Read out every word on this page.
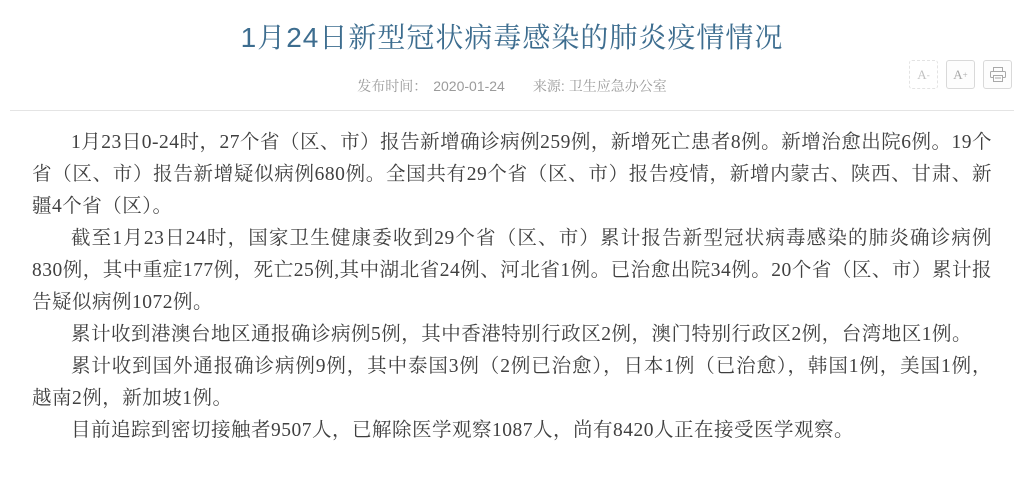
1月24日新型冠状病毒感染的肺炎疫情情况
发布时间： 2020-01-24 来源: 卫生应急办公室
A - A +

1月23日0-24时，27个省（区、市）报告新增确诊病例259例，新增死亡患者8例。新增治愈出院6例。19个省（区、市）报告新增疑似病例680例。全国共有29个省（区、市）报告疫情，新增内蒙古、陕西、甘肃、新疆4个省（区）。

截至1月23日24时，国家卫生健康委收到29个省（区、市）累计报告新型冠状病毒感染的肺炎确诊病例830例，其中重症177例，死亡25例,其中湖北省24例、河北省1例。已治愈出院34例。20个省（区、市）累计报告疑似病例1072例。

累计收到港澳台地区通报确诊病例5例，其中香港特别行政区2例，澳门特别行政区2例，台湾地区1例。

累计收到国外通报确诊病例9例，其中泰国3例（2例已治愈），日本1例（已治愈），韩国1例，美国1例，越南2例，新加坡1例。

目前追踪到密切接触者9507人，已解除医学观察1087人，尚有8420人正在接受医学观察。
